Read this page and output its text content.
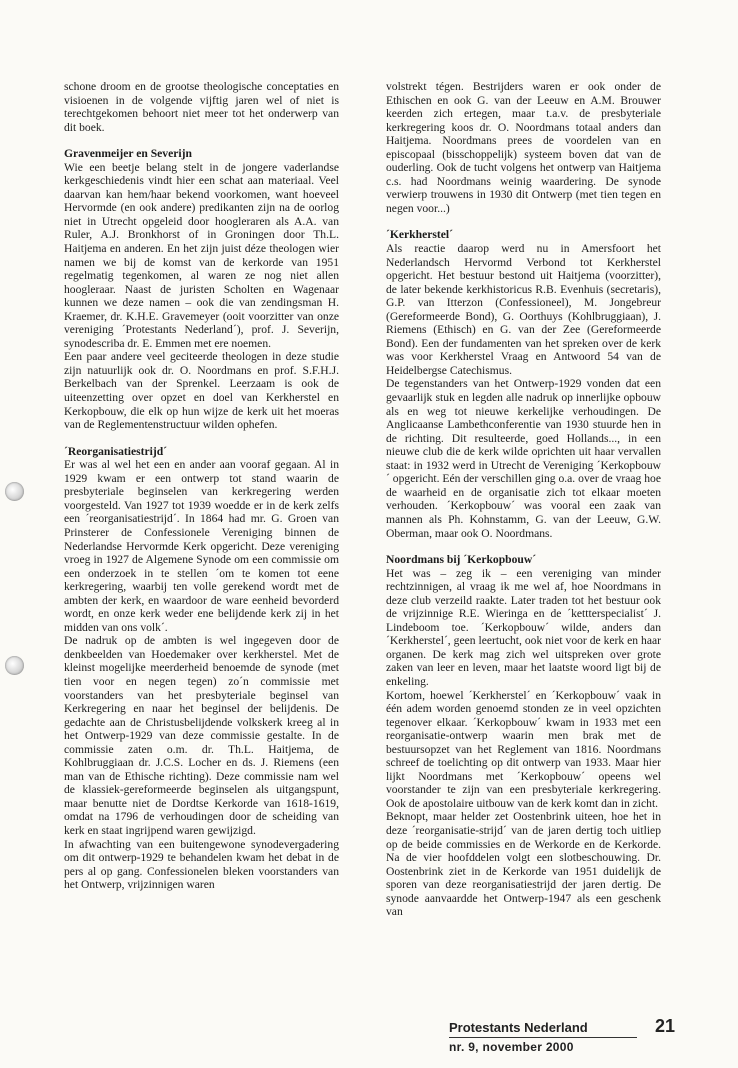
schone droom en de grootse theologische conceptaties en visioenen in de volgende vijftig jaren wel of niet is terechtgekomen behoort niet meer tot het onderwerp van dit boek.

Gravenmeijer en Severijn

Wie een beetje belang stelt in de jongere vaderlandse kerkgeschiedenis vindt hier een schat aan materiaal. Veel daarvan kan hem/haar bekend voorkomen, want hoeveel Hervormde (en ook andere) predikanten zijn na de oorlog niet in Utrecht opgeleid door hoogleraren als A.A. van Ruler, A.J. Bronkhorst of in Groningen door Th.L. Haitjema en anderen. En het zijn juist déze theologen wier namen we bij de komst van de kerkorde van 1951 regelmatig tegenkomen, al waren ze nog niet allen hoogleraar. Naast de juristen Scholten en Wagenaar kunnen we deze namen – ook die van zendingsman H. Kraemer, dr. K.H.E. Gravemeyer (ooit voorzitter van onze vereniging ´Protestants Nederland´), prof. J. Severijn, synodescriba dr. E. Emmen met ere noemen.

Een paar andere veel geciteerde theologen in deze studie zijn natuurlijk ook dr. O. Noordmans en prof. S.F.H.J. Berkelbach van der Sprenkel. Leerzaam is ook de uiteenzetting over opzet en doel van Kerkherstel en Kerkopbouw, die elk op hun wijze de kerk uit het moeras van de Reglementenstructuur wilden ophefen.

´Reorganisatiestrijd´

Er was al wel het een en ander aan vooraf gegaan. Al in 1929 kwam er een ontwerp tot stand waarin de presbyteriale beginselen van kerkregering werden voorgesteld. Van 1927 tot 1939 woedde er in de kerk zelfs een ´reorganisatiestrijd´. In 1864 had mr. G. Groen van Prinsterer de Confessionele Vereniging binnen de Nederlandse Hervormde Kerk opgericht. Deze vereniging vroeg in 1927 de Algemene Synode om een commissie om een onderzoek in te stellen ´om te komen tot eene kerkregering, waarbij ten volle gerekend wordt met de ambten der kerk, en waardoor de ware eenheid bevorderd wordt, en onze kerk weder ene belijdende kerk zij in het midden van ons volk´.

De nadruk op de ambten is wel ingegeven door de denkbeelden van Hoedemaker over kerkherstel. Met de kleinst mogelijke meerderheid benoemde de synode (met tien voor en negen tegen) zo´n commissie met voorstanders van het presbyteriale beginsel van Kerkregering en naar het beginsel der belijdenis. De gedachte aan de Christusbelijdende volkskerk kreeg al in het Ontwerp-1929 van deze commissie gestalte. In de commissie zaten o.m. dr. Th.L. Haitjema, de Kohlbruggiaan dr. J.C.S. Locher en ds. J. Riemens (een man van de Ethische richting). Deze commissie nam wel de klassiek-gereformeerde beginselen als uitgangspunt, maar benutte niet de Dordtse Kerkorde van 1618-1619, omdat na 1796 de verhoudingen door de scheiding van kerk en staat ingrijpend waren gewijzigd.

In afwachting van een buitengewone synodevergadering om dit ontwerp-1929 te behandelen kwam het debat in de pers al op gang. Confessionelen bleken voorstanders van het Ontwerp, vrijzinnigen waren

volstrekt tégen. Bestrijders waren er ook onder de Ethischen en ook G. van der Leeuw en A.M. Brouwer keerden zich ertegen, maar t.a.v. de presbyteriale kerkregering koos dr. O. Noordmans totaal anders dan Haitjema. Noordmans prees de voordelen van en episcopaal (bisschoppelijk) systeem boven dat van de ouderling. Ook de tucht volgens het ontwerp van Haitjema c.s. had Noordmans weinig waardering. De synode verwierp trouwens in 1930 dit Ontwerp (met tien tegen en negen voor...)

´Kerkherstel´

Als reactie daarop werd nu in Amersfoort het Nederlandsch Hervormd Verbond tot Kerkherstel opgericht. Het bestuur bestond uit Haitjema (voorzitter), de later bekende kerkhistoricus R.B. Evenhuis (secretaris), G.P. van Itterzon (Confessioneel), M. Jongebreur (Gereformeerde Bond), G. Oorthuys (Kohlbruggiaan), J. Riemens (Ethisch) en G. van der Zee (Gereformeerde Bond). Een der fundamenten van het spreken over de kerk was voor Kerkherstel Vraag en Antwoord 54 van de Heidelbergse Catechismus.

De tegenstanders van het Ontwerp-1929 vonden dat een gevaarlijk stuk en legden alle nadruk op innerlijke opbouw als en weg tot nieuwe kerkelijke verhoudingen. De Anglicaanse Lambethconferentie van 1930 stuurde hen in de richting. Dit resulteerde, goed Hollands..., in een nieuwe club die de kerk wilde oprichten uit haar vervallen staat: in 1932 werd in Utrecht de Vereniging ´Kerkopbouw´ opgericht. Eén der verschillen ging o.a. over de vraag hoe de waarheid en de organisatie zich tot elkaar moeten verhouden. ´Kerkopbouw´ was vooral een zaak van mannen als Ph. Kohnstamm, G. van der Leeuw, G.W. Oberman, maar ook O. Noordmans.

Noordmans bij ´Kerkopbouw´

Het was – zeg ik – een vereniging van minder rechtzinnigen, al vraag ik me wel af, hoe Noordmans in deze club verzeild raakte. Later traden tot het bestuur ook de vrijzinnige R.E. Wieringa en de ´kettterspecialist´ J. Lindeboom toe. ´Kerkopbouw´ wilde, anders dan ´Kerkherstel´, geen leertucht, ook niet voor de kerk en haar organen. De kerk mag zich wel uitspreken over grote zaken van leer en leven, maar het laatste woord ligt bij de enkeling.

Kortom, hoewel ´Kerkherstel´ en ´Kerkopbouw´ vaak in één adem worden genoemd stonden ze in veel opzichten tegenover elkaar. ´Kerkopbouw´ kwam in 1933 met een reorganisatie-ontwerp waarin men brak met de bestuursopzet van het Reglement van 1816. Noordmans schreef de toelichting op dit ontwerp van 1933. Maar hier lijkt Noordmans met ´Kerkopbouw´ opeens wel voorstander te zijn van een presbyteriale kerkregering. Ook de apostolaire uitbouw van de kerk komt dan in zicht.

Beknopt, maar helder zet Oostenbrink uiteen, hoe het in deze ´reorganisatie-strijd´ van de jaren dertig toch uitliep op de beide commissies en de Werkorde en de Kerkorde. Na de vier hoofddelen volgt een slotbeschouwing. Dr. Oostenbrink ziet in de Kerkorde van 1951 duidelijk de sporen van deze reorganisatiestrijd der jaren dertig. De synode aanvaardde het Ontwerp-1947 als een geschenk van

Protestants Nederland
nr. 9, november 2000
21
